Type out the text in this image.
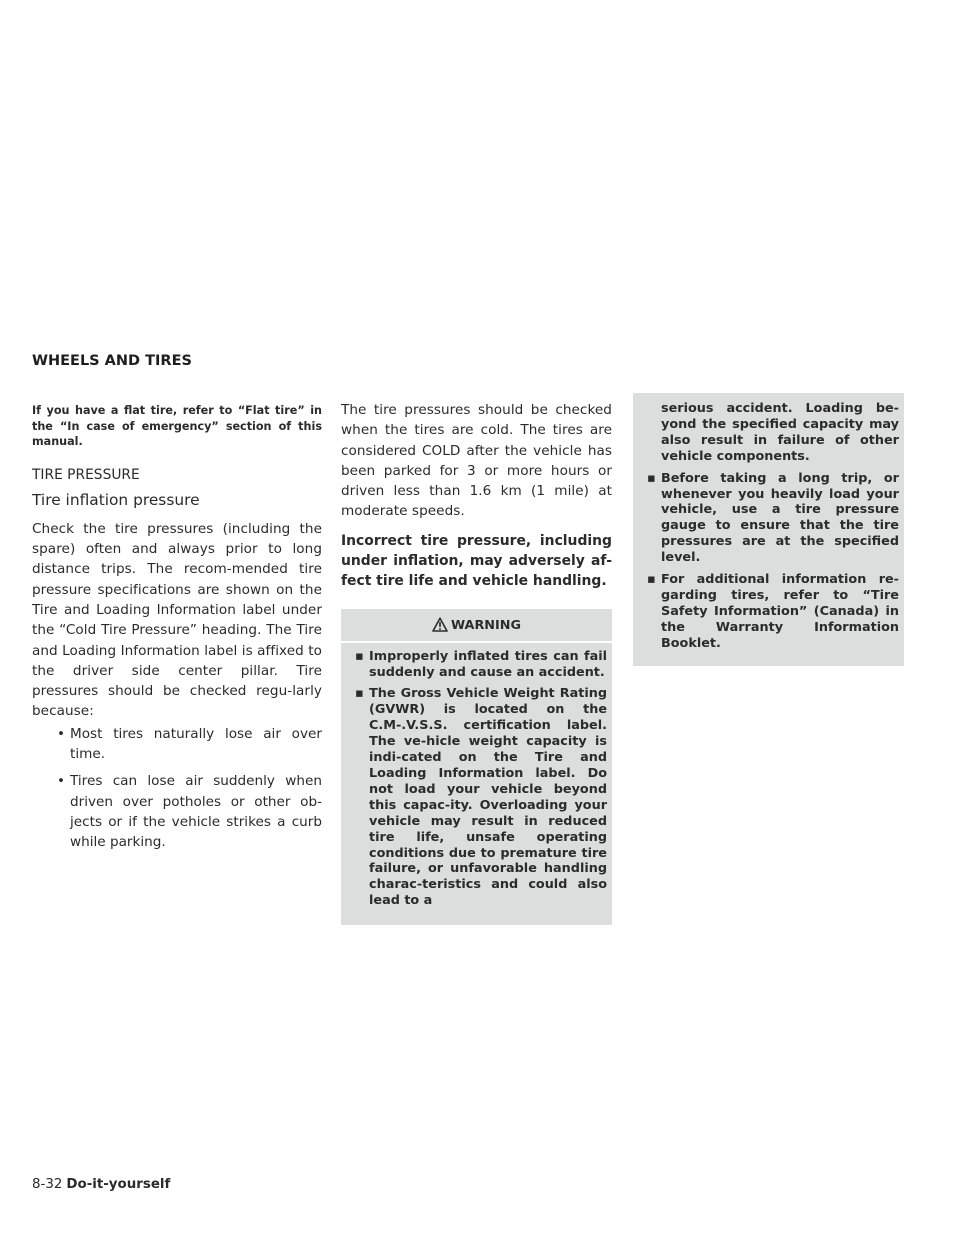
WHEELS AND TIRES

If you have a flat tire, refer to “Flat tire” in the “In case of emergency” section of this manual.

TIRE PRESSURE
Tire inflation pressure

Check the tire pressures (including the spare) often and always prior to long distance trips. The recom-mended tire pressure specifications are shown on the Tire and Loading Information label under the “Cold Tire Pressure” heading. The Tire and Loading Information label is affixed to the driver side center pillar. Tire pressures should be checked regu-larly because:

• Most tires naturally lose air over time.
• Tires can lose air suddenly when driven over potholes or other ob-jects or if the vehicle strikes a curb while parking.

The tire pressures should be checked when the tires are cold. The tires are considered COLD after the vehicle has been parked for 3 or more hours or driven less than 1.6 km (1 mile) at moderate speeds.

Incorrect tire pressure, including under inflation, may adversely af-fect tire life and vehicle handling.

WARNING
▪ Improperly inflated tires can fail suddenly and cause an accident.
▪ The Gross Vehicle Weight Rating (GVWR) is located on the C.M-.V.S.S. certification label. The ve-hicle weight capacity is indi-cated on the Tire and Loading Information label. Do not load your vehicle beyond this capac-ity. Overloading your vehicle may result in reduced tire life, unsafe operating conditions due to premature tire failure, or unfavorable handling charac-teristics and could also lead to a
serious accident. Loading be-yond the specified capacity may also result in failure of other vehicle components.
▪ Before taking a long trip, or whenever you heavily load your vehicle, use a tire pressure gauge to ensure that the tire pressures are at the specified level.
▪ For additional information re-garding tires, refer to “Tire Safety Information” (Canada) in the Warranty Information Booklet.
8-32 Do-it-yourself
